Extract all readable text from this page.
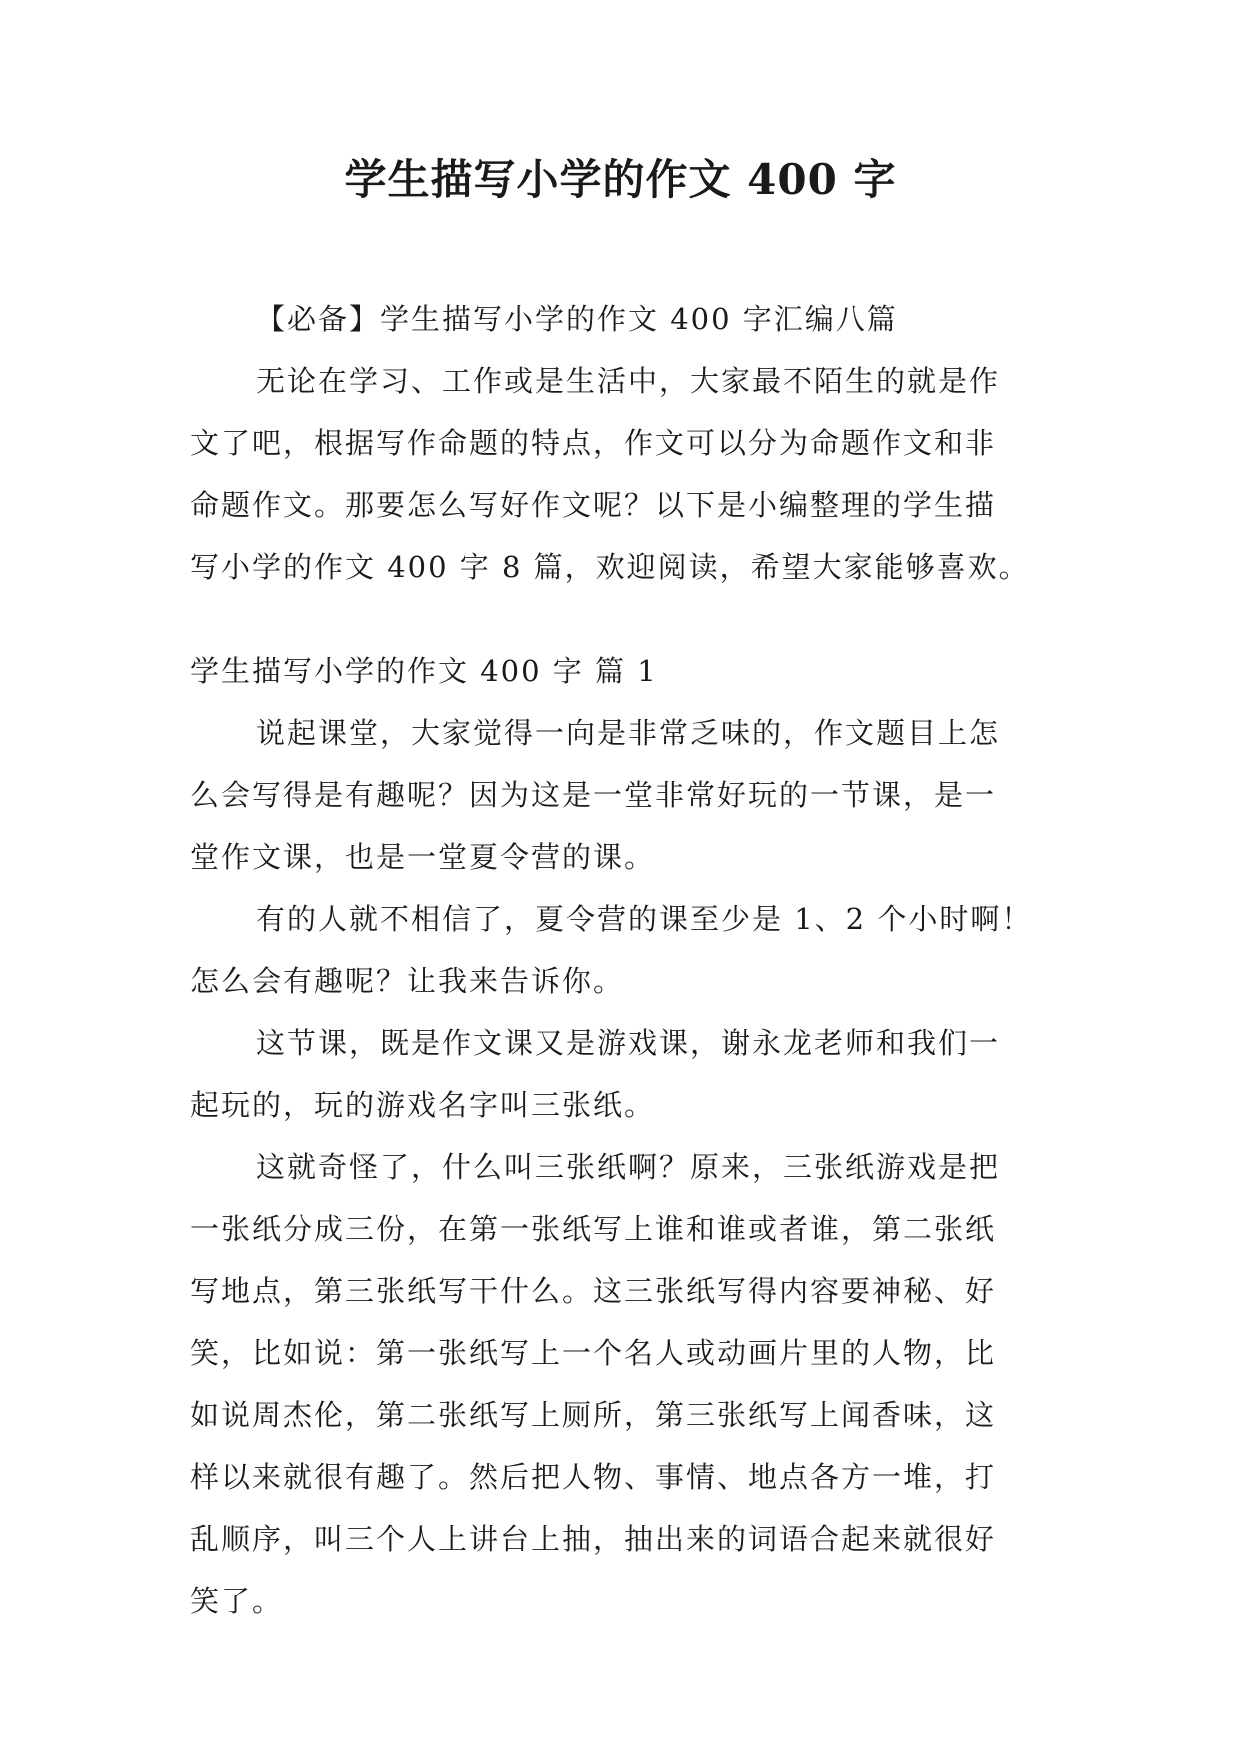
学生描写小学的作文 400 字

【必备】学生描写小学的作文 400 字汇编八篇

无论在学习、工作或是生活中，大家最不陌生的就是作

文了吧，根据写作命题的特点，作文可以分为命题作文和非

命题作文。那要怎么写好作文呢？以下是小编整理的学生描

写小学的作文 400 字 8 篇，欢迎阅读，希望大家能够喜欢。

学生描写小学的作文 400 字 篇 1

说起课堂，大家觉得一向是非常乏味的，作文题目上怎

么会写得是有趣呢？因为这是一堂非常好玩的一节课，是一

堂作文课，也是一堂夏令营的课。

有的人就不相信了，夏令营的课至少是 1、2 个小时啊！

怎么会有趣呢？让我来告诉你。

这节课，既是作文课又是游戏课，谢永龙老师和我们一

起玩的，玩的游戏名字叫三张纸。

这就奇怪了，什么叫三张纸啊？原来，三张纸游戏是把

一张纸分成三份，在第一张纸写上谁和谁或者谁，第二张纸

写地点，第三张纸写干什么。这三张纸写得内容要神秘、好

笑，比如说：第一张纸写上一个名人或动画片里的人物，比

如说周杰伦，第二张纸写上厕所，第三张纸写上闻香味，这

样以来就很有趣了。然后把人物、事情、地点各方一堆，打

乱顺序，叫三个人上讲台上抽，抽出来的词语合起来就很好

笑了。
